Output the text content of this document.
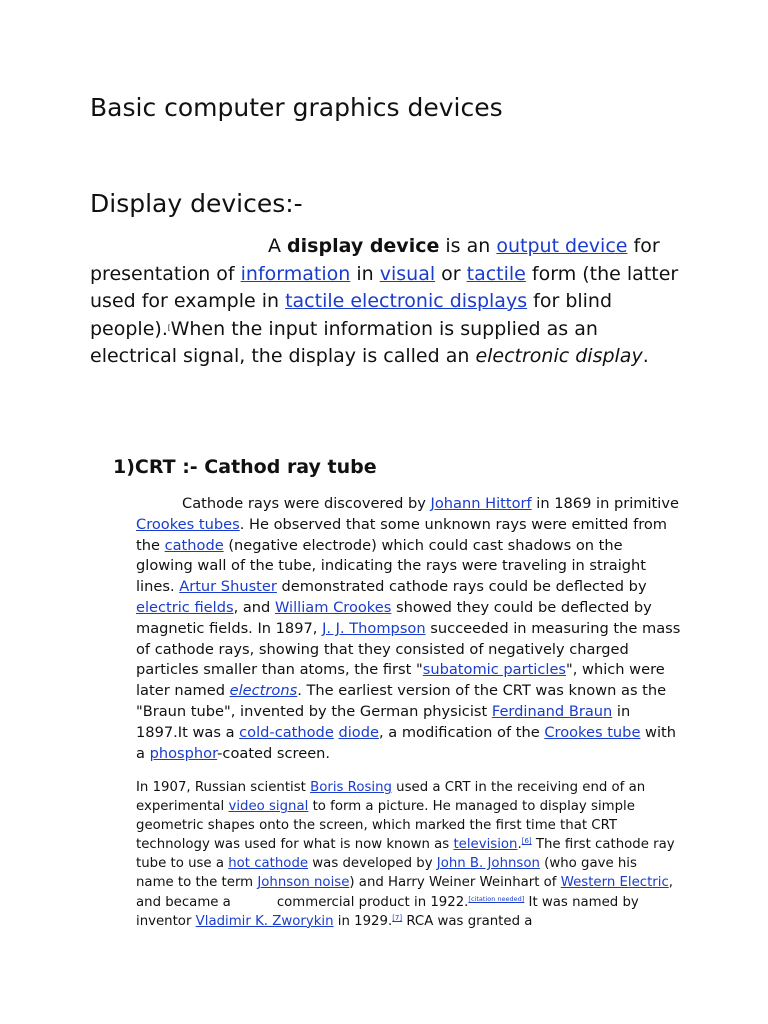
Basic computer graphics devices
Display devices:-

A display device is an output device for presentation of information in visual or tactile form (the latter used for example in tactile electronic displays for blind people).[When the input information is supplied as an electrical signal, the display is called an electronic display.

1)CRT :- Cathod ray tube

Cathode rays were discovered by Johann Hittorf in 1869 in primitive Crookes tubes. He observed that some unknown rays were emitted from the cathode (negative electrode) which could cast shadows on the glowing wall of the tube, indicating the rays were traveling in straight lines. Artur Shuster demonstrated cathode rays could be deflected by electric fields, and William Crookes showed they could be deflected by magnetic fields. In 1897, J. J. Thompson succeeded in measuring the mass of cathode rays, showing that they consisted of negatively charged particles smaller than atoms, the first "subatomic particles", which were later named electrons. The earliest version of the CRT was known as the "Braun tube", invented by the German physicist Ferdinand Braun in 1897.It was a cold-cathode diode, a modification of the Crookes tube with a phosphor-coated screen.

In 1907, Russian scientist Boris Rosing used a CRT in the receiving end of an experimental video signal to form a picture. He managed to display simple geometric shapes onto the screen, which marked the first time that CRT technology was used for what is now known as television.[6] The first cathode ray tube to use a hot cathode was developed by John B. Johnson (who gave hisname to the term Johnson noise) and Harry Weiner Weinhart of Western Electric, and became a	commercial product in 1922.[citation needed] It was named by inventor Vladimir K. Zworykin in 1929.[7] RCA was granted a
